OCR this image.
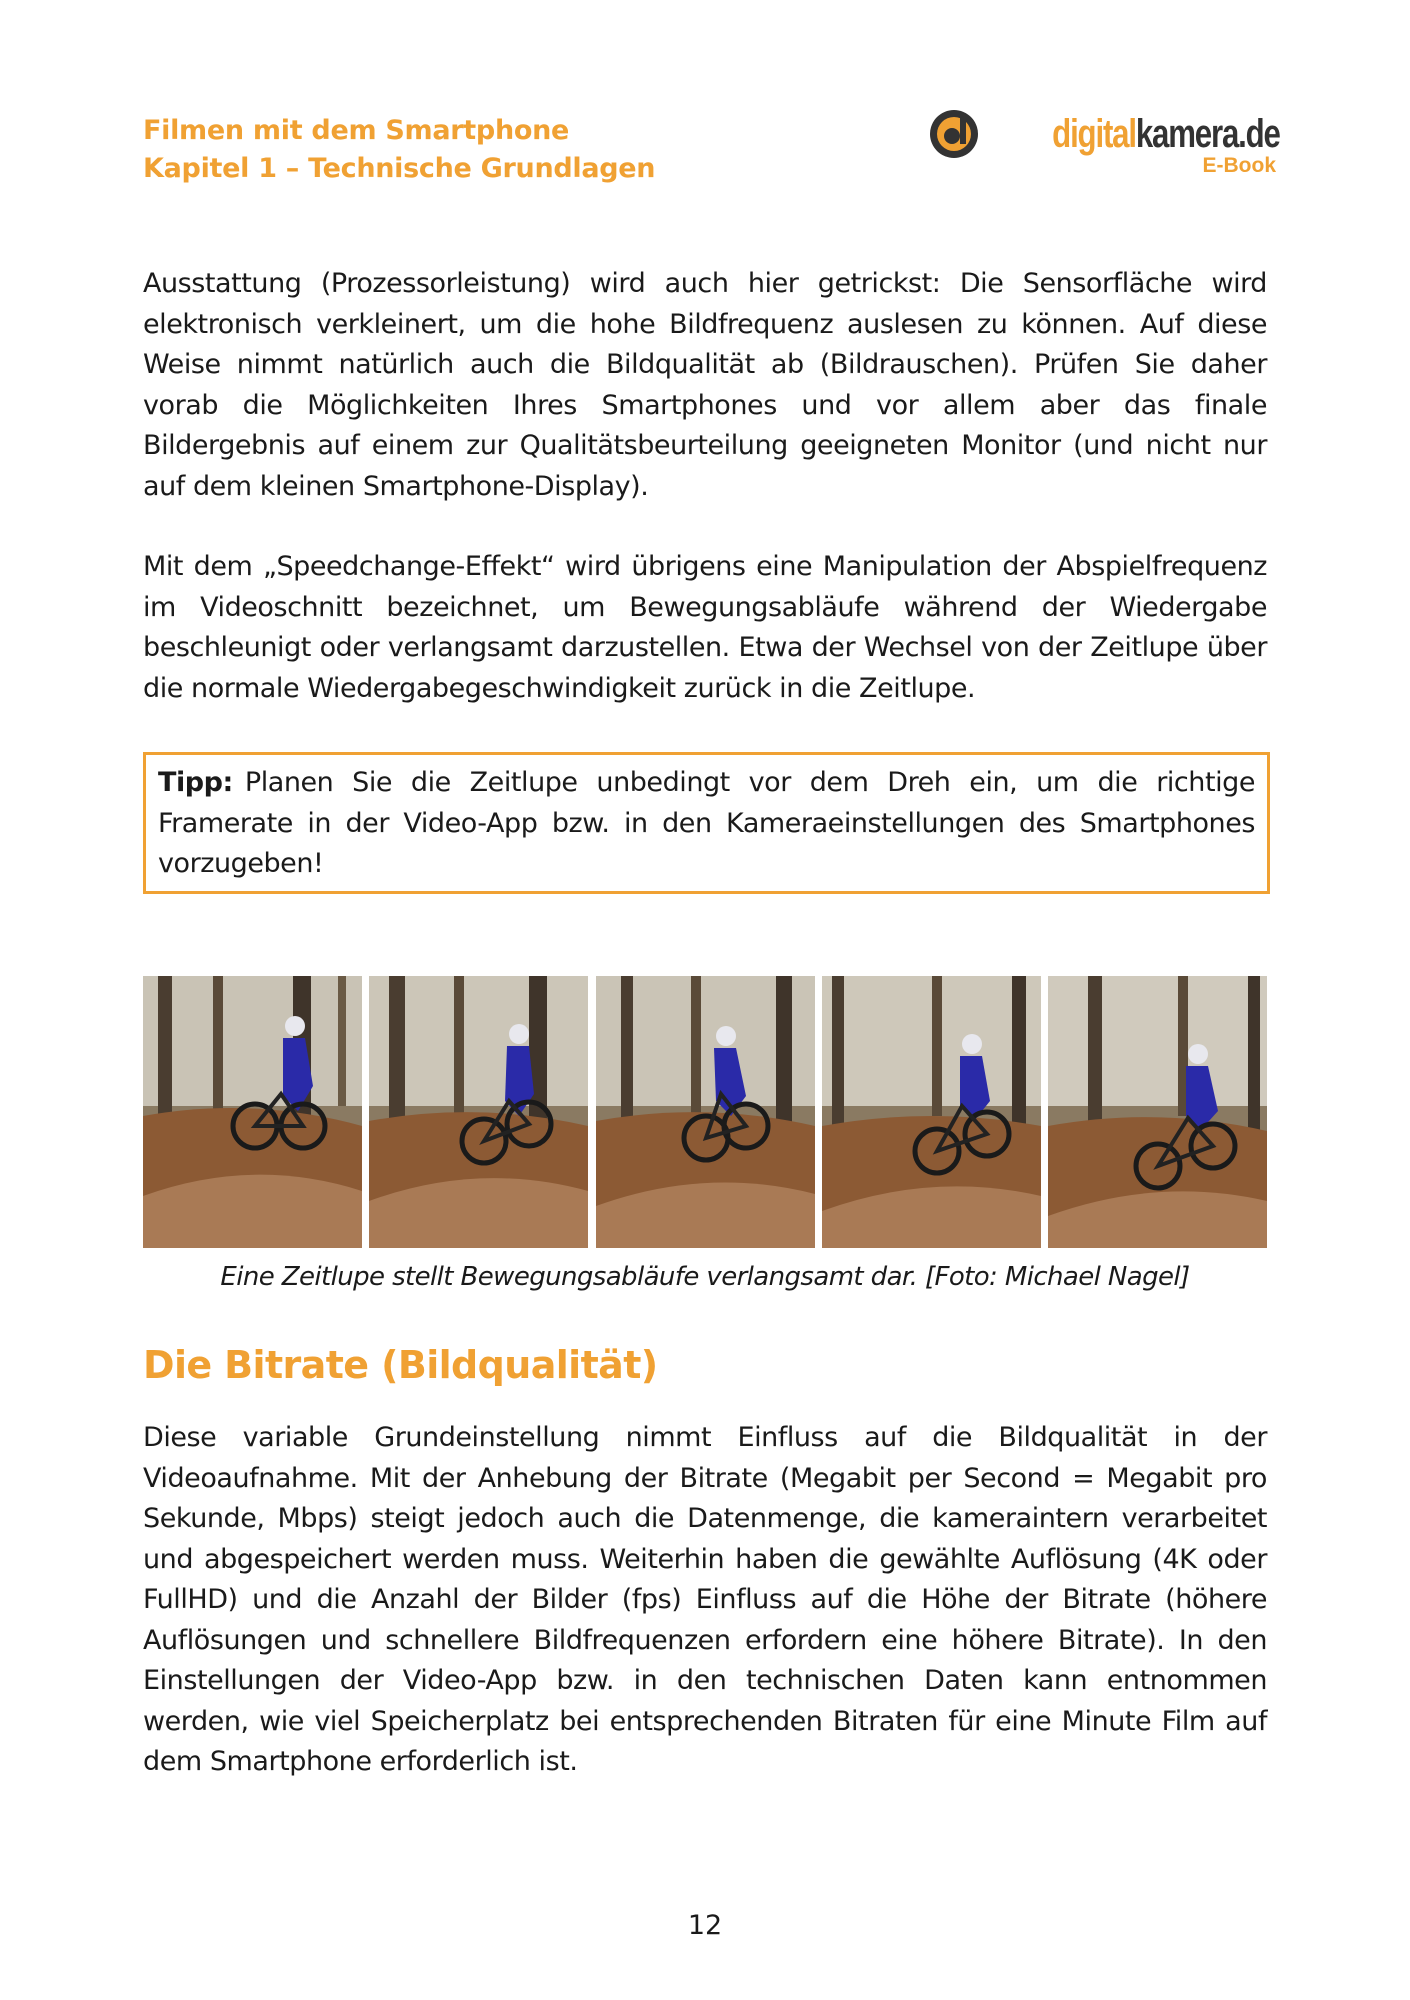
Filmen mit dem Smartphone
Kapitel 1 – Technische Grundlagen
digitalkamera.de
E-Book
Ausstattung (Prozessorleistung) wird auch hier getrickst: Die Sensorfläche wird elektronisch verkleinert, um die hohe Bildfrequenz auslesen zu können. Auf diese Weise nimmt natürlich auch die Bildqualität ab (Bildrauschen). Prüfen Sie daher vorab die Möglichkeiten Ihres Smartphones und vor allem aber das finale Bildergebnis auf einem zur Qualitätsbeurteilung geeigneten Monitor (und nicht nur auf dem kleinen Smartphone-Display).
Mit dem „Speedchange-Effekt“ wird übrigens eine Manipulation der Abspielfrequenz im Videoschnitt bezeichnet, um Bewegungsabläufe während der Wiedergabe beschleunigt oder verlangsamt darzustellen. Etwa der Wechsel von der Zeitlupe über die normale Wiedergabegeschwindigkeit zurück in die Zeitlupe.
Tipp: Planen Sie die Zeitlupe unbedingt vor dem Dreh ein, um die richtige Framerate in der Video-App bzw. in den Kameraeinstellungen des Smartphones vorzugeben!
Eine Zeitlupe stellt Bewegungsabläufe verlangsamt dar. [Foto: Michael Nagel]
Die Bitrate (Bildqualität)
Diese variable Grundeinstellung nimmt Einfluss auf die Bildqualität in der Videoaufnahme. Mit der Anhebung der Bitrate (Megabit per Second = Megabit pro Sekunde, Mbps) steigt jedoch auch die Datenmenge, die kameraintern verarbeitet und abgespeichert werden muss. Weiterhin haben die gewählte Auflösung (4K oder FullHD) und die Anzahl der Bilder (fps) Einfluss auf die Höhe der Bitrate (höhere Auflösungen und schnellere Bildfrequenzen erfordern eine höhere Bitrate). In den Einstellungen der Video-App bzw. in den technischen Daten kann entnommen werden, wie viel Speicherplatz bei entsprechenden Bitraten für eine Minute Film auf dem Smartphone erforderlich ist.
12
